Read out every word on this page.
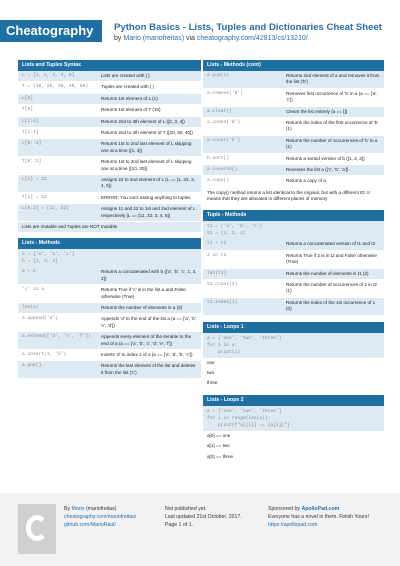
Cheatography	Python Basics - Lists, Tuples and Dictionaries Cheat Sheet
by Mario (mariofreitas) via cheatography.com/42813/cs/13210/
Lists and Tuples Syntax
L = [1, 2, 3, 4, 5]	Lists are created with [ ]
T = (10, 20, 30, 40, 50)	Tuples are created with ( )
L[0]	Returns 1st element of L (1)
T[0]	Returns 1st element of T (10)
L[1:4]	Returns 2nd to 4th element of L ([2, 3, 4])
T[1:4]	Returns 2nd to 4th element of T ([20, 30, 40])
L[0::3]	Returns 1st to 2nd last element of L skipping one at a time ([1, 3])
T[0::2]	Returns 1st to 2nd last element of L skipping one at a time ([10, 30])
L[1] = 22	Assigns 22 to 2nd element of L (L == [1, 22, 3, 4, 5])
T[1] = 22	ERROR: You can't assing anything to tuples
L[0:2] = [11, 22]	Assigns 11 and 22 to 1st and 2nd element of L respectively (L == [11, 22, 3, 4, 5])
Lists are mutable and Tuples are NOT mutable
Lists - Methods
a = ['a', 'b', 'c']
b = [1, 3, 2]
a + b	Returns a concatenated with b (['a', 'b', 'c', 1, 3, 2])
'c' in a	Returns True if 'c' is in the list a and False otherwise (True)
len(a)	Returns the number of elements in a (3)
a.append('d')	Appends 'd' to the end of the list a (a == ['a', 'b', 'c', 'd'])
a.extend(['d', 'e', 'f'])	Appends every element of the iterable to the end of a (a == ['a', 'b', 'c', 'd', 'e', 'f'])
a.insert(1, 'd')	Inserts 'd' to index 1 of a (a == ['a', 'd', 'b', 'c'])
a.pop()	Returns the last element of the list and deletes it from the list ('c')
Lists - Methods (cont)
a.pop(1)	Returns 2nd element of a and removes it from the list ('b')
a.remove('b')	Removes first occurrence of 'b' in a (a == ['a', 'c'])
a.clear()	Clears the list entirely (a == [])
a.index('b')	Returns the index of the first occurrence of 'b' (1)
a.count('b')	Returns the number of occurrences of 'b' in a (1)
b.sort()	Returns a sorted version of b ([1, 2, 3])
a.reverse()	Reverses the list a (['c', 'b', 'a'])
a.copy()	Returns a copy of a
The copy() method returns a list identical to the original, but with a different ID. It means that they are allocated in different places of memory
Tuple - Methods
t1 = ('a', 'b', 'c')
t2 = (1, 2, 3)
t1 + t2	Returns a concatenated version of t1 and t2
2 in t2	Returns True if 2 is in t2 and False otherwise (True)
len(t1)	Returns the number of elements in t1 (3)
t2.count(2)	Returns the number of occurrences of 2 in t2 (1)
t2.index(1)	Returns the index of the 1st occurrence of 1 (0)
Lists - Loops 1
a = ['one', 'two', 'three']
for i in a:
print(i)
one
two
three
Lists - Loops 2
a = ['one', 'two', 'three']
for i in range(len(a)):
print(f"a[{i}] == {a[i]}")
a[0] == one
a[1] == two
a[2] == three
By Mario (mariofreitas)
cheatography.com/mariofreitas/
github.com/MarioRaul/
Not published yet.
Last updated 21st October, 2017.
Page 1 of 1.
Sponsored by ApolloPad.com
Everyone has a novel in them. Finish Yours!
https://apollopad.com
